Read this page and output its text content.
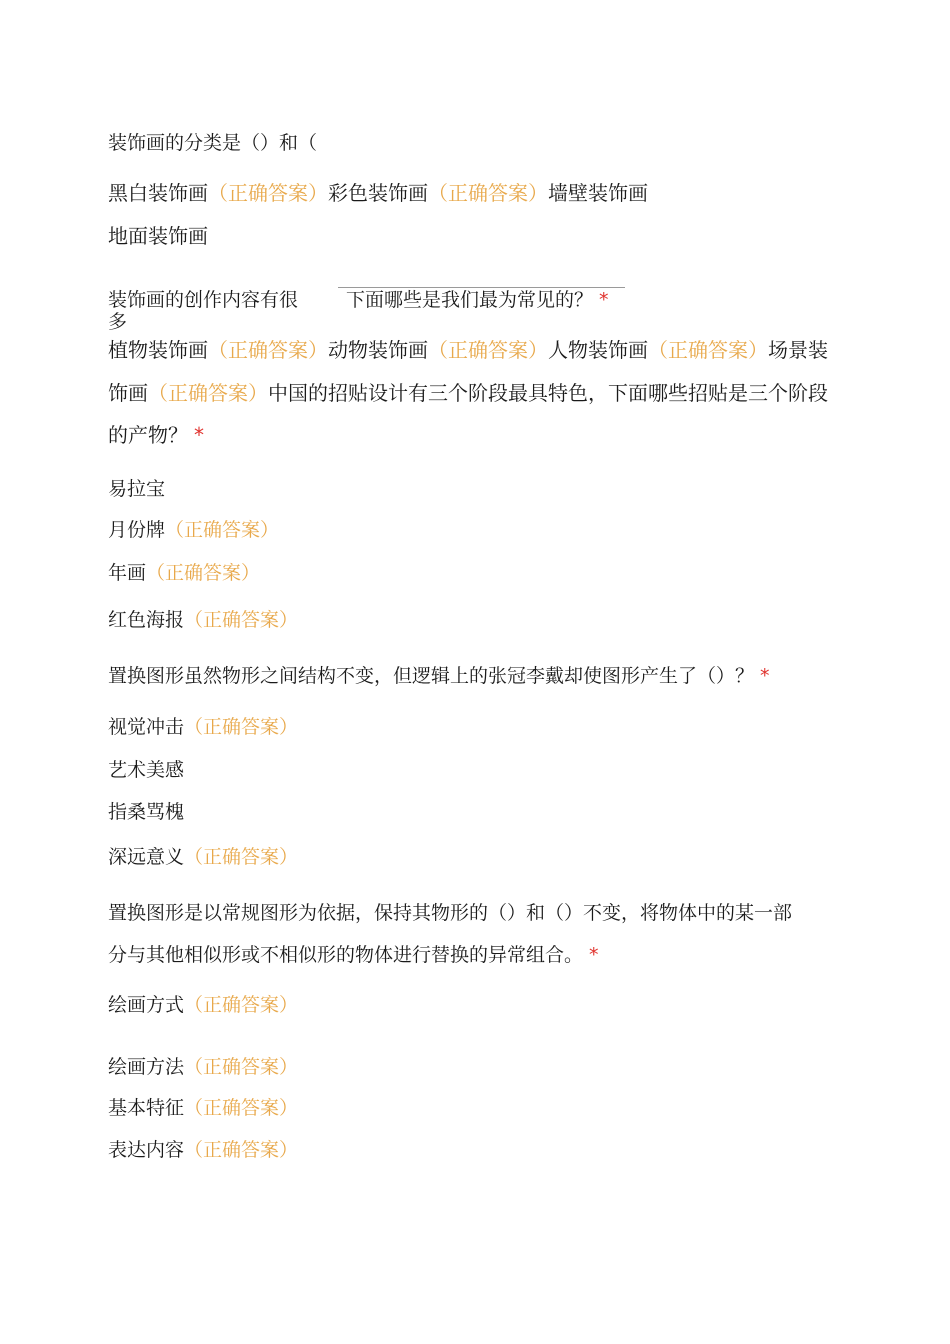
装饰画的分类是（）和（
黑白装饰画（正确答案）彩色装饰画（正确答案）墙壁装饰画
地面装饰画
装饰画的创作内容有很
多
下面哪些是我们最为常见的？ *
植物装饰画（正确答案）动物装饰画（正确答案）人物装饰画（正确答案）场景装
饰画（正确答案）中国的招贴设计有三个阶段最具特色，下面哪些招贴是三个阶段
的产物？ *
易拉宝
月份牌（正确答案）
年画（正确答案）
红色海报（正确答案）
置换图形虽然物形之间结构不变，但逻辑上的张冠李戴却使图形产生了（）？ *
视觉冲击（正确答案）
艺术美感
指桑骂槐
深远意义（正确答案）
置换图形是以常规图形为依据，保持其物形的（）和（）不变，将物体中的某一部
分与其他相似形或不相似形的物体进行替换的异常组合。 *
绘画方式（正确答案）
绘画方法（正确答案）
基本特征（正确答案）
表达内容（正确答案）
